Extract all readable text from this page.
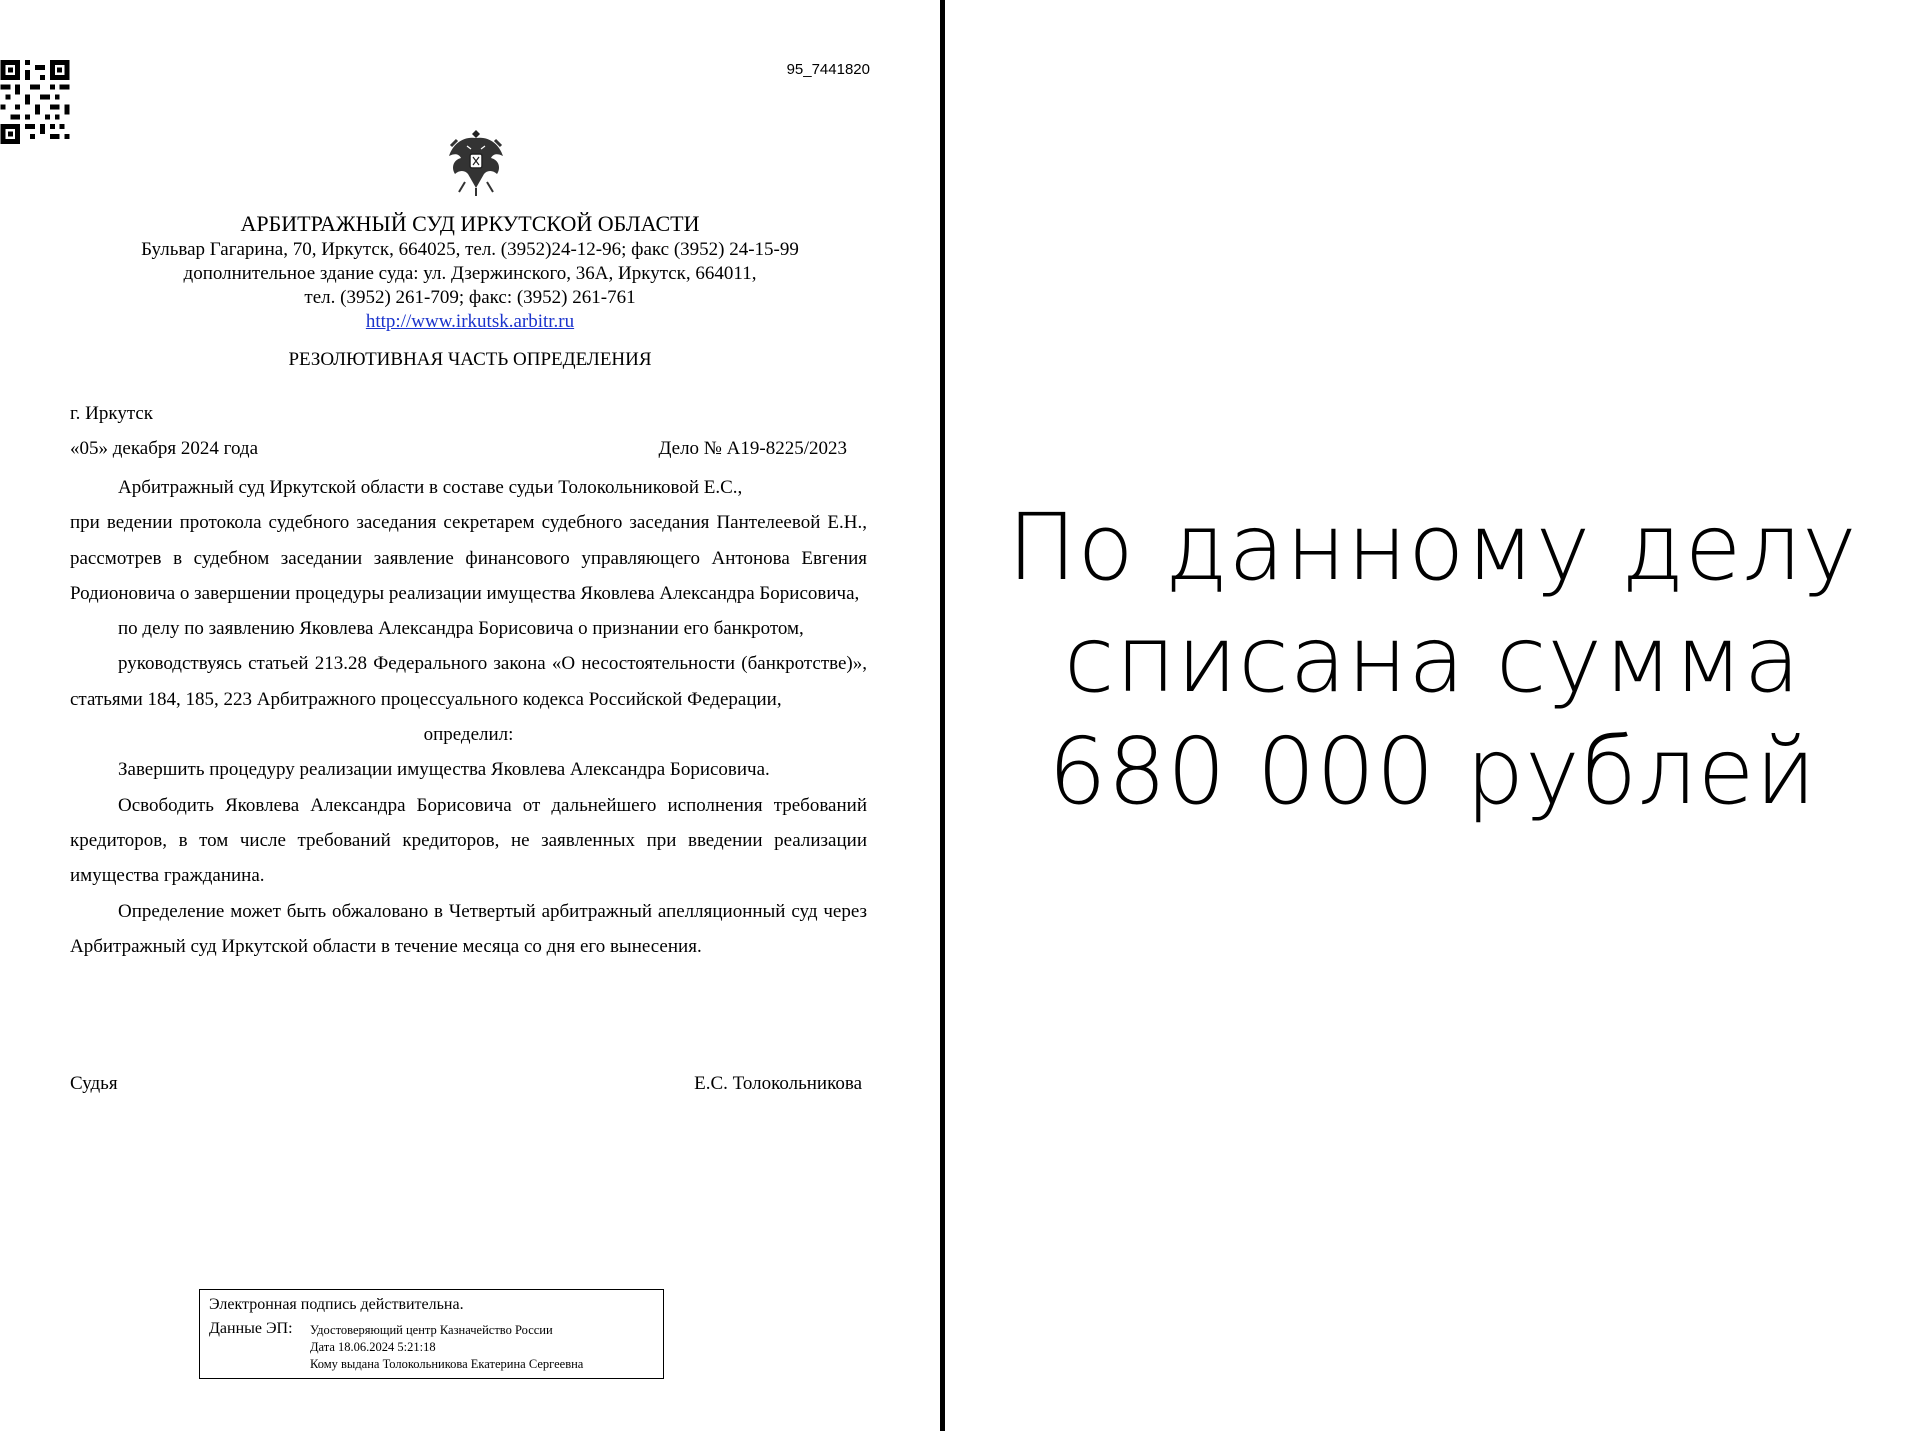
95_7441820
АРБИТРАЖНЫЙ СУД ИРКУТСКОЙ ОБЛАСТИ
Бульвар Гагарина, 70, Иркутск, 664025, тел. (3952)24-12-96; факс (3952) 24-15-99
дополнительное здание суда: ул. Дзержинского, 36А, Иркутск, 664011,
тел. (3952) 261-709; факс: (3952) 261-761
http://www.irkutsk.arbitr.ru
РЕЗОЛЮТИВНАЯ ЧАСТЬ ОПРЕДЕЛЕНИЯ
г. Иркутск
«05» декабря 2024 года	Дело № А19-8225/2023

Арбитражный суд Иркутской области в составе судьи Толокольниковой Е.С.,

при ведении протокола судебного заседания секретарем судебного заседания Пантелеевой Е.Н., рассмотрев в судебном заседании заявление финансового управляющего Антонова Евгения Родионовича о завершении процедуры реализации имущества Яковлева Александра Борисовича,

по делу по заявлению Яковлева Александра Борисовича о признании его банкротом,

руководствуясь статьей 213.28 Федерального закона «О несостоятельности (банкротстве)», статьями 184, 185, 223 Арбитражного процессуального кодекса Российской Федерации,

определил:

Завершить процедуру реализации имущества Яковлева Александра Борисовича.

Освободить Яковлева Александра Борисовича от дальнейшего исполнения требований кредиторов, в том числе требований кредиторов, не заявленных при введении реализации имущества гражданина.

Определение может быть обжаловано в Четвертый арбитражный апелляционный суд через Арбитражный суд Иркутской области в течение месяца со дня его вынесения.

Судья	Е.С. Толокольникова
Электронная подпись действительна.
Данные ЭП: Удостоверяющий центр Казначейство России
Дата 18.06.2024 5:21:18
Кому выдана Толокольникова Екатерина Сергеевна
По данному делу
списана сумма
680 000 рублей
